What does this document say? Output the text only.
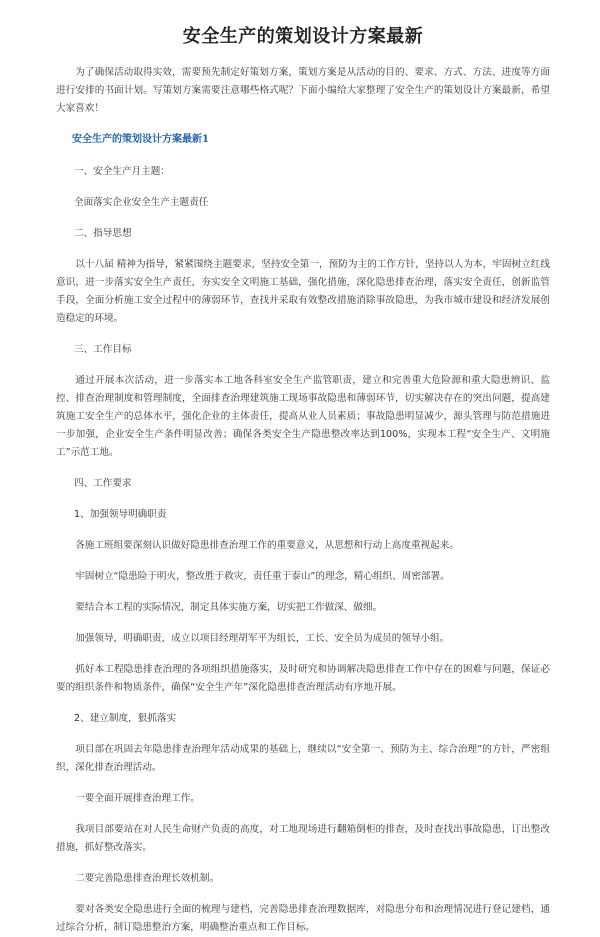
安全生产的策划设计方案最新

为了确保活动取得实效，需要预先制定好策划方案，策划方案是从活动的目的、要求、方式、方法、进度等方面进行安排的书面计划。写策划方案需要注意哪些格式呢？下面小编给大家整理了安全生产的策划设计方案最新，希望大家喜欢！

安全生产的策划设计方案最新1
一、安全生产月主题：
全面落实企业安全生产主题责任
二、指导思想

以十八届 精神为指导，紧紧围绕主题要求，坚持安全第一，预防为主的工作方针，坚持以人为本，牢固树立红线意识，进一步落实安全生产责任，夯实安全文明施工基础，强化措施，深化隐患排查治理，落实安全责任，创新监管手段，全面分析施工安全过程中的薄弱环节，查找并采取有效整改措施消除事故隐患，为我市城市建设和经济发展创造稳定的环境。

三、工作目标

通过开展本次活动，进一步落实本工地各科室安全生产监管职责，建立和完善重大危险源和重大隐患辨识、监控、排查治理制度和管理制度，全面排查治理建筑施工现场事故隐患和薄弱环节，切实解决存在的突出问题，提高建筑施工安全生产的总体水平，强化企业的主体责任，提高从业人员素质；事故隐患明显减少，源头管理与防范措施进一步加强，企业安全生产条件明显改善；确保各类安全生产隐患整改率达到100%，实现本工程“安全生产、文明施工”示范工地。

四、工作要求
1、加强领导明确职责

各施工班组要深刻认识做好隐患排查治理工作的重要意义，从思想和行动上高度重视起来。

牢固树立“隐患险于明火，整改胜于救灾，责任重于泰山”的理念，精心组织、周密部署。

要结合本工程的实际情况，制定具体实施方案，切实把工作做深、做细。

加强领导，明确职责，成立以项目经理胡军平为组长，工长、安全员为成员的领导小组。

抓好本工程隐患排查治理的各项组织措施落实，及时研究和协调解决隐患排查工作中存在的困难与问题，保证必要的组织条件和物质条件，确保“安全生产年”深化隐患排查治理活动有序地开展。

2、建立制度，狠抓落实

项目部在巩固去年隐患排查治理年活动成果的基础上，继续以“安全第一、预防为主、综合治理”的方针，严密组织，深化排查治理活动。

一要全面开展排查治理工作。

我项目部要站在对人民生命财产负责的高度，对工地现场进行翻箱倒柜的排查，及时查找出事故隐患，订出整改措施，抓好整改落实。

二要完善隐患排查治理长效机制。

要对各类安全隐患进行全面的梳理与建档，完善隐患排查治理数据库，对隐患分布和治理情况进行登记建档，通过综合分析，制订隐患整治方案，明确整治重点和工作目标。
